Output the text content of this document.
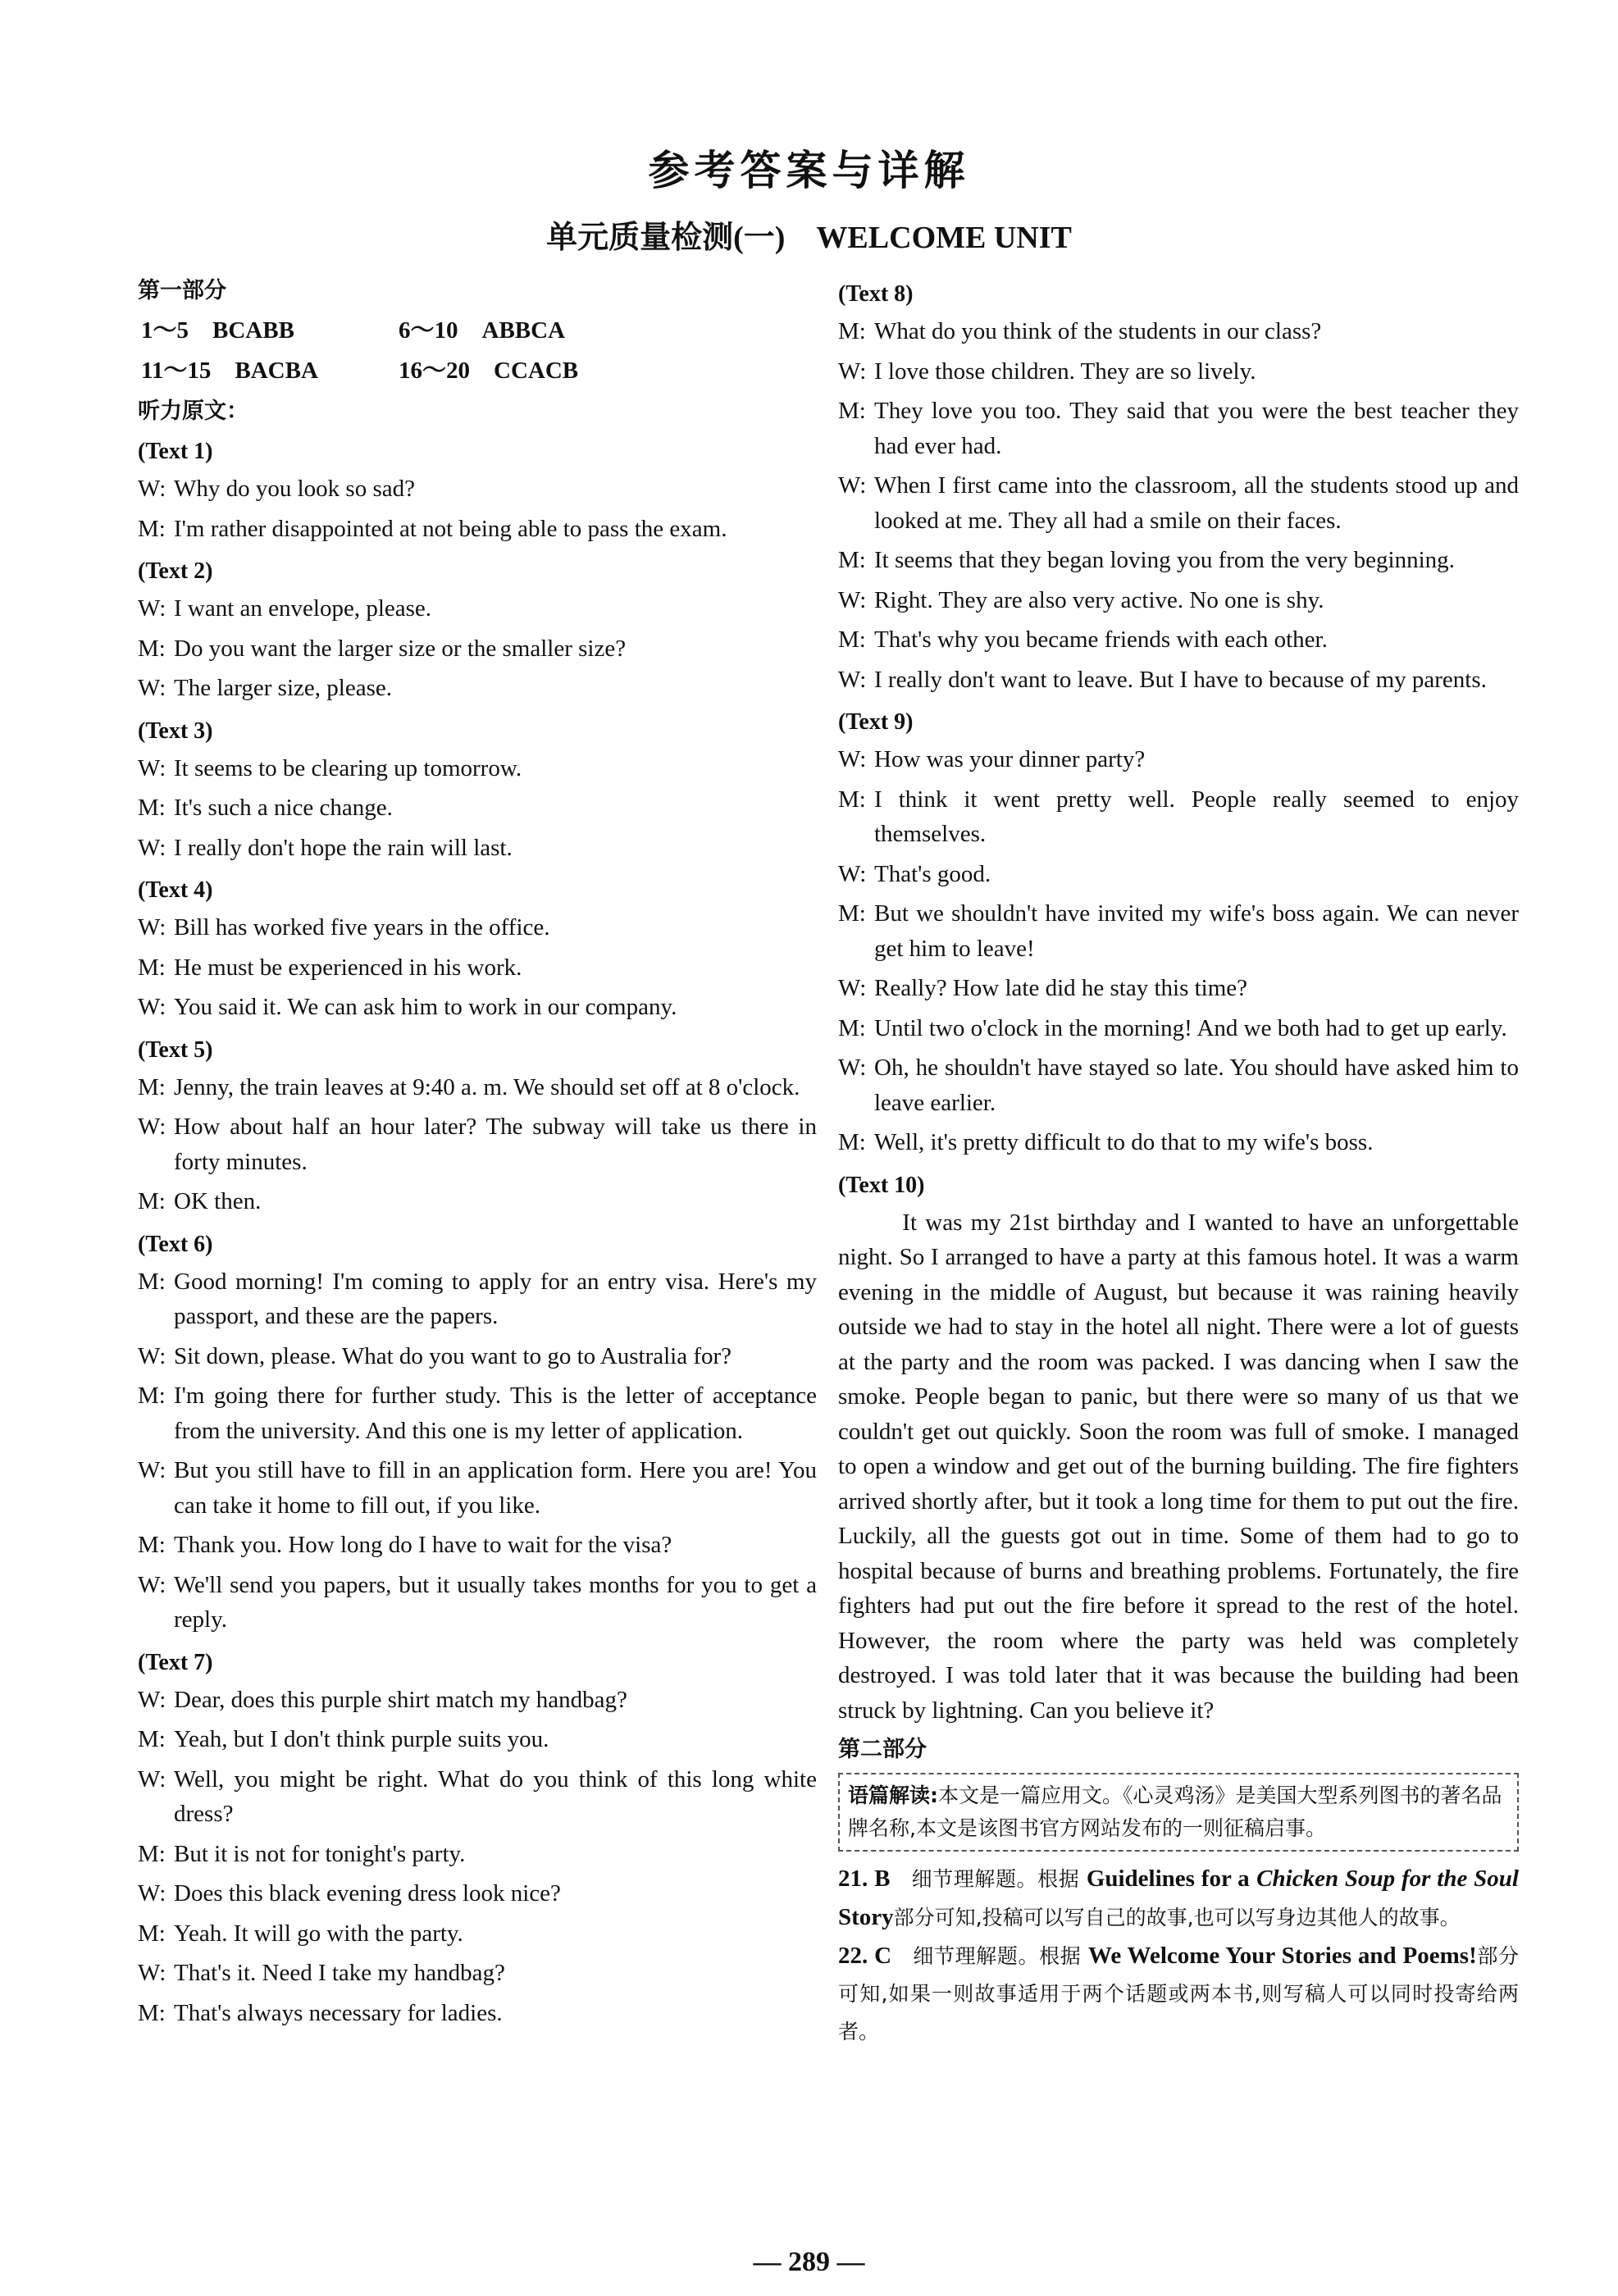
参考答案与详解
单元质量检测(一)　WELCOME UNIT
第一部分
1～5　BCABB	6～10　ABBCA
11～15　BACBA	16～20　CCACB
听力原文：
(Text 1)
W: Why do you look so sad?
M: I'm rather disappointed at not being able to pass the exam.
(Text 2)
W: I want an envelope, please.
M: Do you want the larger size or the smaller size?
W: The larger size, please.
(Text 3)
W: It seems to be clearing up tomorrow.
M: It's such a nice change.
W: I really don't hope the rain will last.
(Text 4)
W: Bill has worked five years in the office.
M: He must be experienced in his work.
W: You said it. We can ask him to work in our company.
(Text 5)
M: Jenny, the train leaves at 9:40 a. m. We should set off at 8 o'clock.
W: How about half an hour later? The subway will take us there in forty minutes.
M: OK then.
(Text 6)
M: Good morning! I'm coming to apply for an entry visa. Here's my passport, and these are the papers.
W: Sit down, please. What do you want to go to Australia for?
M: I'm going there for further study. This is the letter of acceptance from the university. And this one is my letter of application.
W: But you still have to fill in an application form. Here you are! You can take it home to fill out, if you like.
M: Thank you. How long do I have to wait for the visa?
W: We'll send you papers, but it usually takes months for you to get a reply.
(Text 7)
W: Dear, does this purple shirt match my handbag?
M: Yeah, but I don't think purple suits you.
W: Well, you might be right. What do you think of this long white dress?
M: But it is not for tonight's party.
W: Does this black evening dress look nice?
M: Yeah. It will go with the party.
W: That's it. Need I take my handbag?
M: That's always necessary for ladies.
(Text 8)
M: What do you think of the students in our class?
W: I love those children. They are so lively.
M: They love you too. They said that you were the best teacher they had ever had.
W: When I first came into the classroom, all the students stood up and looked at me. They all had a smile on their faces.
M: It seems that they began loving you from the very beginning.
W: Right. They are also very active. No one is shy.
M: That's why you became friends with each other.
W: I really don't want to leave. But I have to because of my parents.
(Text 9)
W: How was your dinner party?
M: I think it went pretty well. People really seemed to enjoy themselves.
W: That's good.
M: But we shouldn't have invited my wife's boss again. We can never get him to leave!
W: Really? How late did he stay this time?
M: Until two o'clock in the morning! And we both had to get up early.
W: Oh, he shouldn't have stayed so late. You should have asked him to leave earlier.
M: Well, it's pretty difficult to do that to my wife's boss.
(Text 10)
It was my 21st birthday and I wanted to have an unforgettable night. So I arranged to have a party at this famous hotel. It was a warm evening in the middle of August, but because it was raining heavily outside we had to stay in the hotel all night. There were a lot of guests at the party and the room was packed. I was dancing when I saw the smoke. People began to panic, but there were so many of us that we couldn't get out quickly. Soon the room was full of smoke. I managed to open a window and get out of the burning building. The fire fighters arrived shortly after, but it took a long time for them to put out the fire. Luckily, all the guests got out in time. Some of them had to go to hospital because of burns and breathing problems. Fortunately, the fire fighters had put out the fire before it spread to the rest of the hotel. However, the room where the party was held was completely destroyed. I was told later that it was because the building had been struck by lightning. Can you believe it?
第二部分
语篇解读:本文是一篇应用文。《心灵鸡汤》是美国大型系列图书的著名品牌名称,本文是该图书官方网站发布的一则征稿启事。
21. B　细节理解题。根据 Guidelines for a Chicken Soup for the Soul Story部分可知,投稿可以写自己的故事,也可以写身边其他人的故事。
22. C　细节理解题。根据 We Welcome Your Stories and Poems!部分可知,如果一则故事适用于两个话题或两本书,则写稿人可以同时投寄给两者。
— 289 —
